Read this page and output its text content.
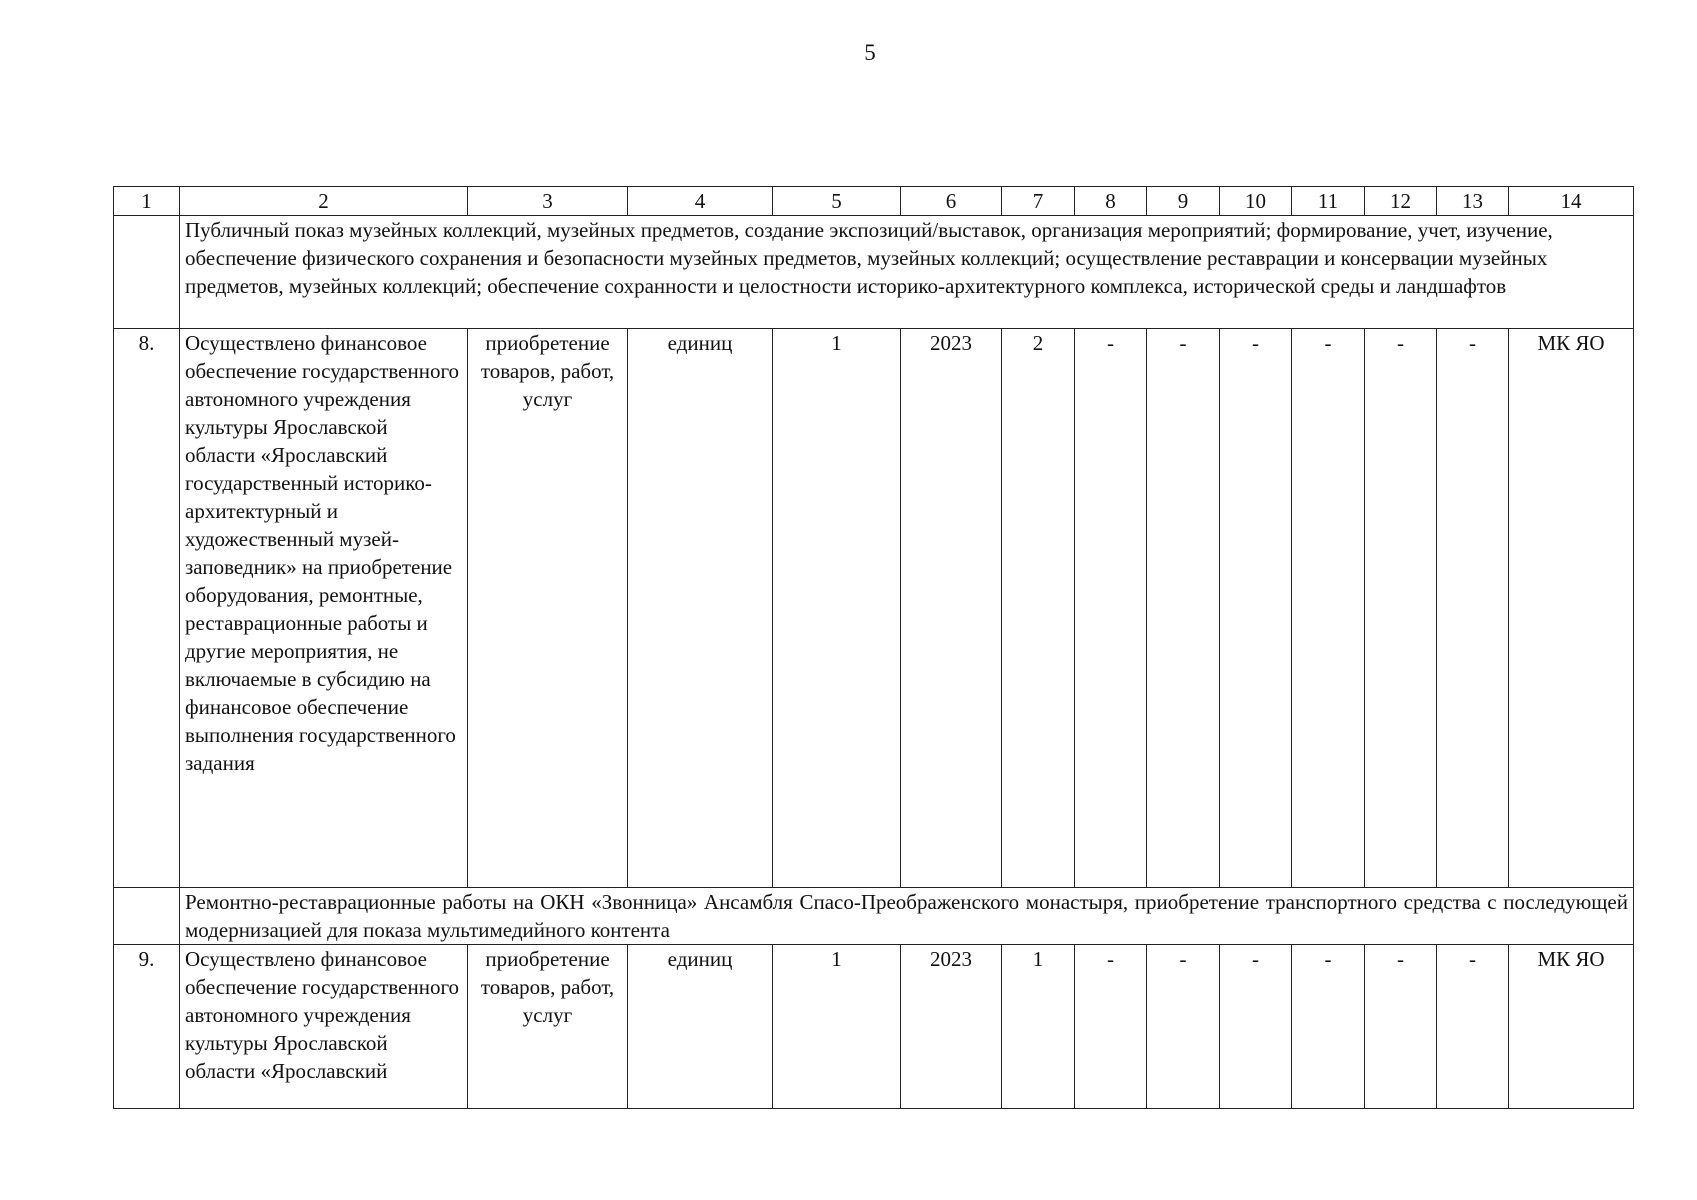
5
1	2	3	4	5	6	7	8	9	10	11	12	13	14
	Публичный показ музейных коллекций, музейных предметов, создание экспозиций/выставок, организация мероприятий; формирование, учет, изучение, обеспечение физического сохранения и безопасности музейных предметов, музейных коллекций; осуществление реставрации и консервации музейных предметов, музейных коллекций; обеспечение сохранности и целостности историко-архитектурного комплекса, исторической среды и ландшафтов												
8.	Осуществлено финансовое обеспечение государственного автономного учреждения культуры Ярославской области «Ярославский государственный историко-архитектурный и художественный музей-заповедник» на приобретение оборудования, ремонтные, реставрационные работы и другие мероприятия, не включаемые в субсидию на финансовое обеспечение выполнения государственного задания	приобретение товаров, работ, услуг	единиц	1	2023	2	-	-	-	-	-	-	МК ЯО
	Ремонтно-реставрационные работы на ОКН «Звонница» Ансамбля Спасо-Преображенского монастыря, приобретение транспортного средства с последующей модернизацией для показа мультимедийного контента												
9.	Осуществлено финансовое обеспечение государственного автономного учреждения культуры Ярославской области «Ярославский	приобретение товаров, работ, услуг	единиц	1	2023	1	-	-	-	-	-	-	МК ЯО
